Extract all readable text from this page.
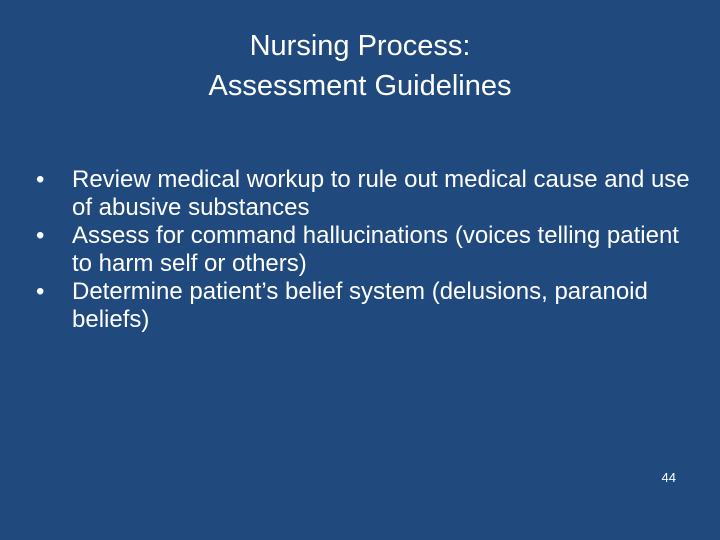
Nursing Process:
Assessment Guidelines
•	Review medical workup to rule out medical cause and use of abusive substances
•	Assess for command hallucinations (voices telling patient to harm self or others)
•	Determine patient’s belief system (delusions, paranoid beliefs)
44
